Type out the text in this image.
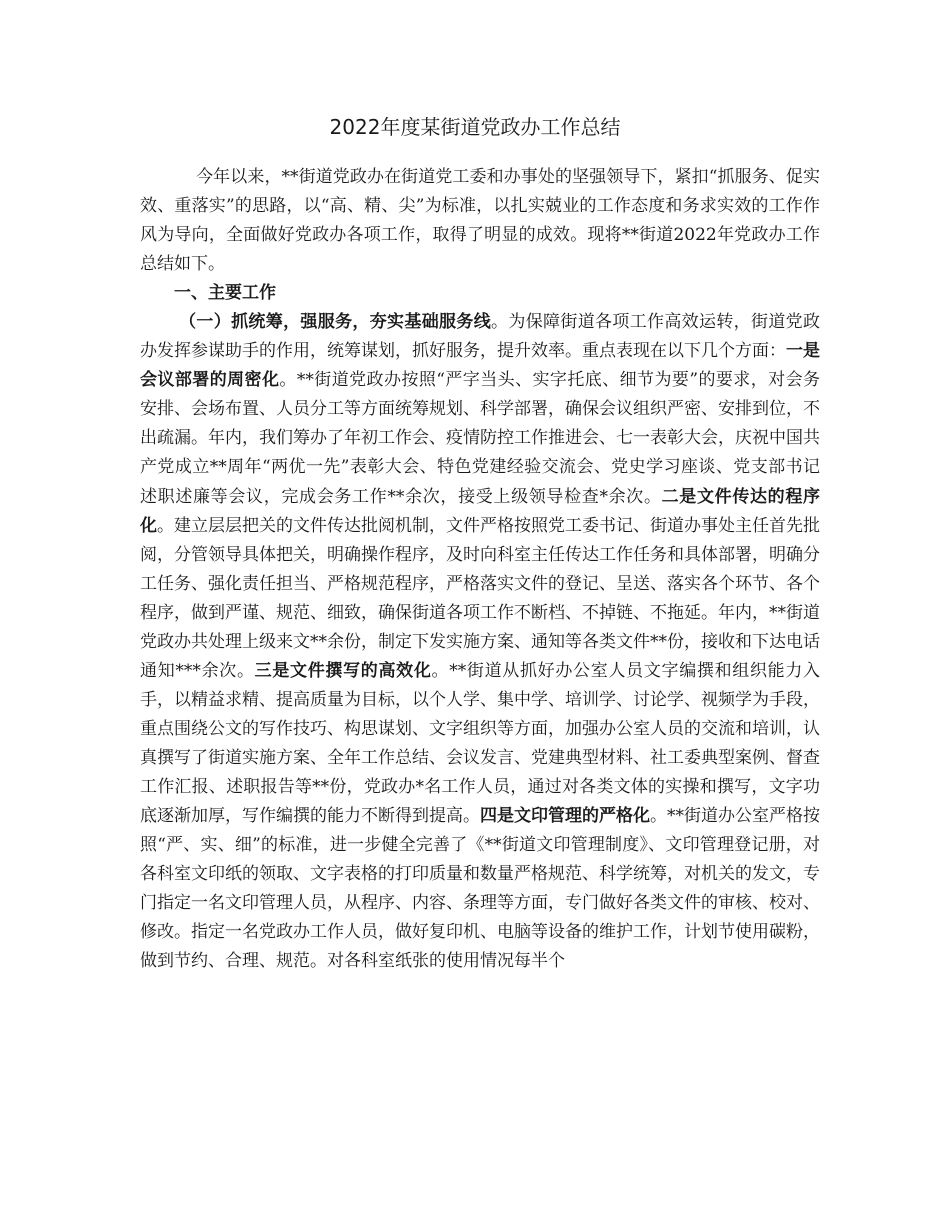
2022年度某街道党政办工作总结

今年以来，**街道党政办在街道党工委和办事处的坚强领导下，紧扣“抓服务、促实效、重落实”的思路，以“高、精、尖”为标准，以扎实兢业的工作态度和务求实效的工作作风为导向，全面做好党政办各项工作，取得了明显的成效。现将**街道2022年党政办工作总结如下。

一、主要工作

（一）抓统筹，强服务，夯实基础服务线。为保障街道各项工作高效运转，街道党政办发挥参谋助手的作用，统筹谋划，抓好服务，提升效率。重点表现在以下几个方面：一是会议部署的周密化。**街道党政办按照“严字当头、实字托底、细节为要”的要求，对会务安排、会场布置、人员分工等方面统筹规划、科学部署，确保会议组织严密、安排到位，不出疏漏。年内，我们筹办了年初工作会、疫情防控工作推进会、七一表彰大会，庆祝中国共产党成立**周年“两优一先”表彰大会、特色党建经验交流会、党史学习座谈、党支部书记述职述廉等会议，完成会务工作**余次，接受上级领导检查*余次。二是文件传达的程序化。建立层层把关的文件传达批阅机制，文件严格按照党工委书记、街道办事处主任首先批阅，分管领导具体把关，明确操作程序，及时向科室主任传达工作任务和具体部署，明确分工任务、强化责任担当、严格规范程序，严格落实文件的登记、呈送、落实各个环节、各个程序，做到严谨、规范、细致，确保街道各项工作不断档、不掉链、不拖延。年内，**街道党政办共处理上级来文**余份，制定下发实施方案、通知等各类文件**份，接收和下达电话通知***余次。三是文件撰写的高效化。**街道从抓好办公室人员文字编撰和组织能力入手，以精益求精、提高质量为目标，以个人学、集中学、培训学、讨论学、视频学为手段，重点围绕公文的写作技巧、构思谋划、文字组织等方面，加强办公室人员的交流和培训，认真撰写了街道实施方案、全年工作总结、会议发言、党建典型材料、社工委典型案例、督查工作汇报、述职报告等**份，党政办*名工作人员，通过对各类文体的实操和撰写，文字功底逐渐加厚，写作编撰的能力不断得到提高。四是文印管理的严格化。**街道办公室严格按照“严、实、细”的标准，进一步健全完善了《**街道文印管理制度》、文印管理登记册，对各科室文印纸的领取、文字表格的打印质量和数量严格规范、科学统筹，对机关的发文，专门指定一名文印管理人员，从程序、内容、条理等方面，专门做好各类文件的审核、校对、修改。指定一名党政办工作人员，做好复印机、电脑等设备的维护工作，计划节使用碳粉，做到节约、合理、规范。对各科室纸张的使用情况每半个
